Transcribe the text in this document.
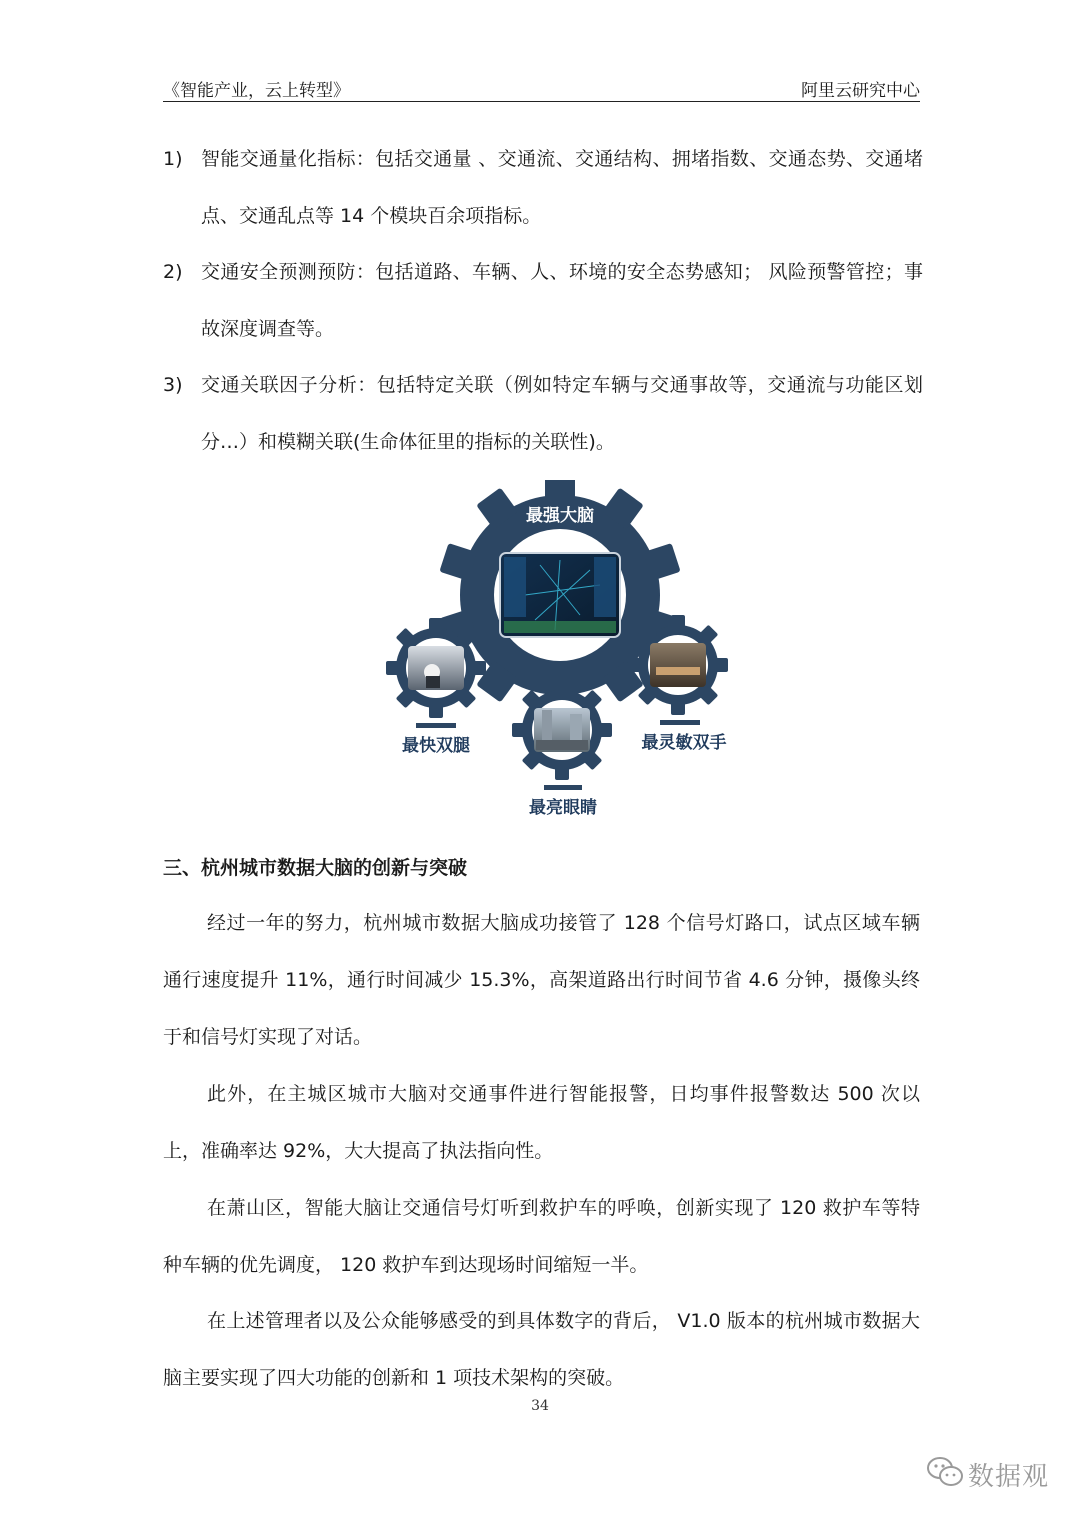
《智能产业，云上转型》	阿里云研究中心
1) 智能交通量化指标：包括交通量 、交通流、交通结构、拥堵指数、交通态势、交通堵点、交通乱点等 14 个模块百余项指标。
2) 交通安全预测预防：包括道路、车辆、人、环境的安全态势感知； 风险预警管控；事故深度调查等。
3) 交通关联因子分析：包括特定关联（例如特定车辆与交通事故等，交通流与功能区划分…）和模糊关联(生命体征里的指标的关联性)。
最强大脑
最快双腿	最灵敏双手
最亮眼睛
三、杭州城市数据大脑的创新与突破
经过一年的努力，杭州城市数据大脑成功接管了 128 个信号灯路口，试点区域车辆通行速度提升 11%，通行时间减少 15.3%，高架道路出行时间节省 4.6 分钟，摄像头终于和信号灯实现了对话。
此外，在主城区城市大脑对交通事件进行智能报警，日均事件报警数达 500 次以上，准确率达 92%，大大提高了执法指向性。
在萧山区，智能大脑让交通信号灯听到救护车的呼唤，创新实现了 120 救护车等特种车辆的优先调度， 120 救护车到达现场时间缩短一半。
在上述管理者以及公众能够感受的到具体数字的背后， V1.0 版本的杭州城市数据大脑主要实现了四大功能的创新和 1 项技术架构的突破。
34
数据观
